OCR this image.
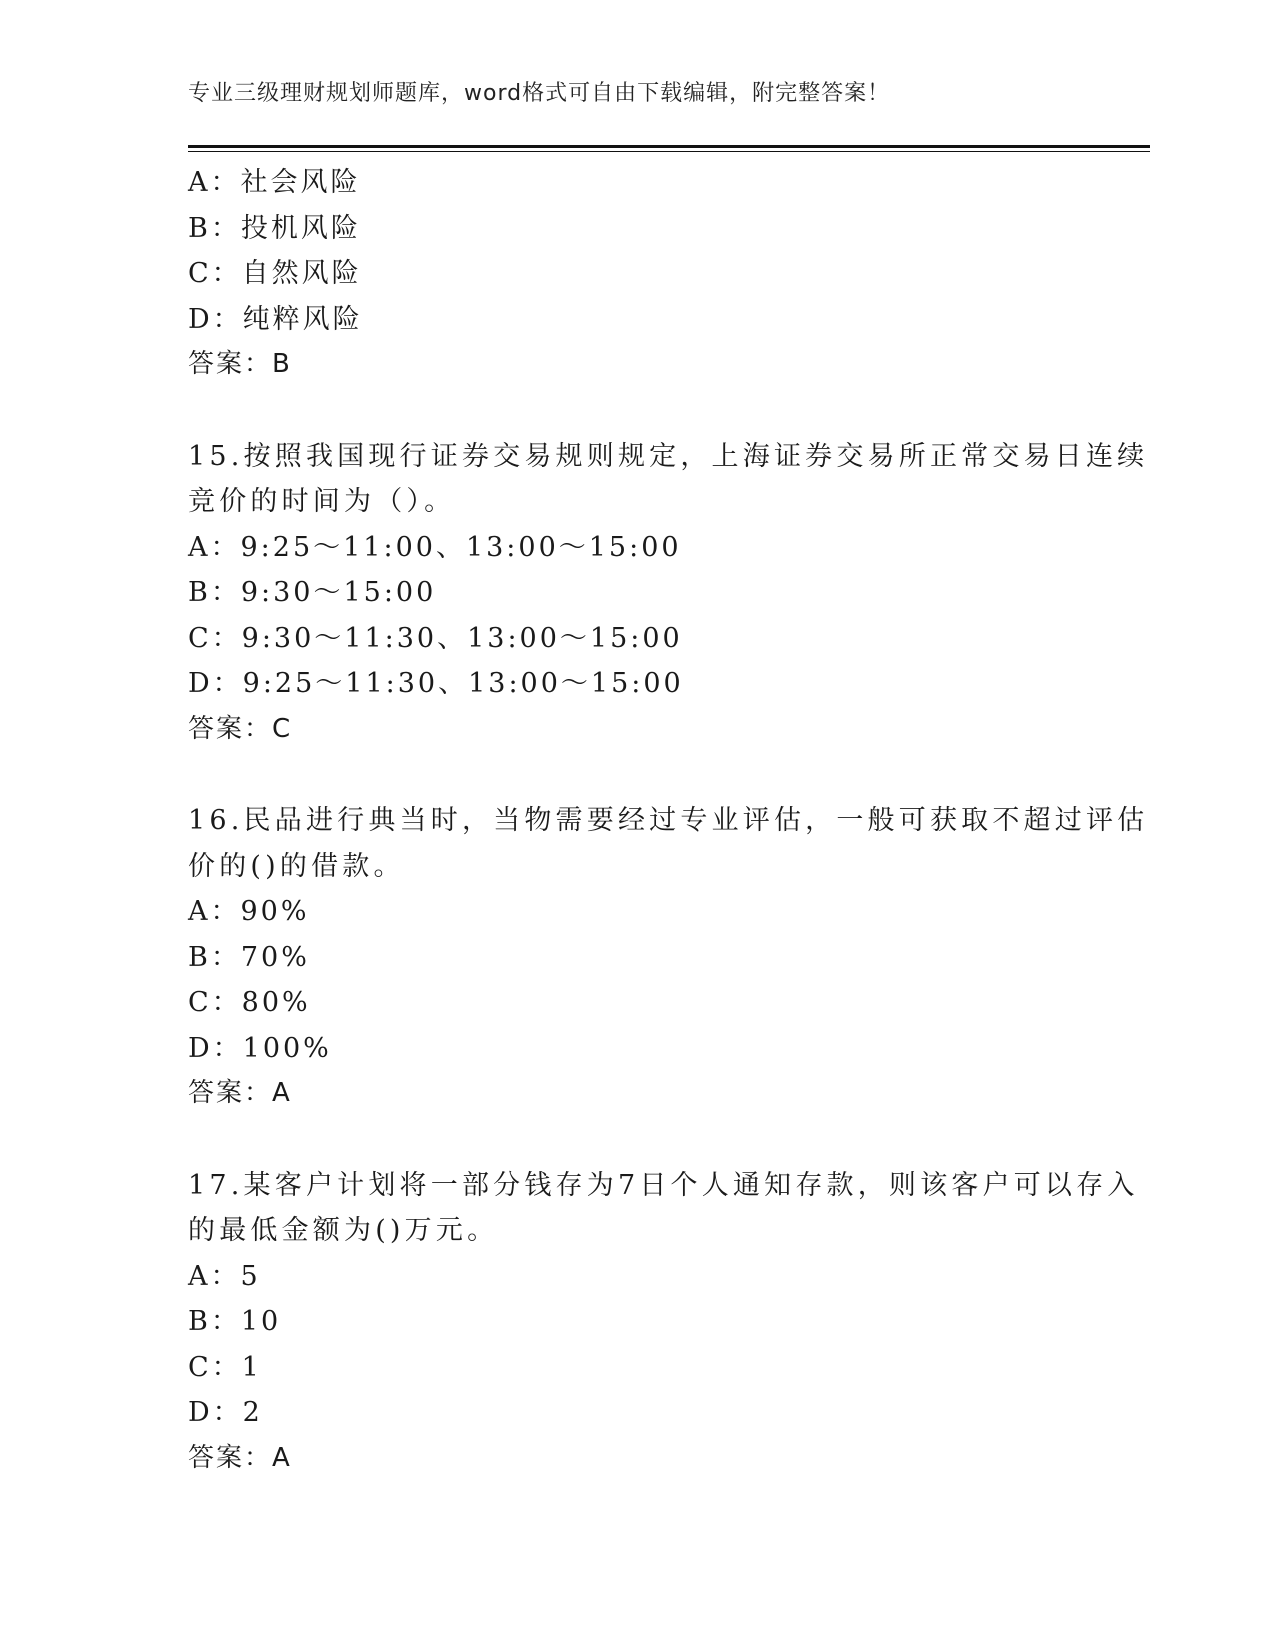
专业三级理财规划师题库，word格式可自由下载编辑，附完整答案！
A：社会风险
B：投机风险
C：自然风险
D：纯粹风险
答案：B
15.按照我国现行证券交易规则规定，上海证券交易所正常交易日连续
竞价的时间为（）。
A：9:25～11:00、13:00～15:00
B：9:30～15:00
C：9:30～11:30、13:00～15:00
D：9:25～11:30、13:00～15:00
答案：C
16.民品进行典当时，当物需要经过专业评估，一般可获取不超过评估
价的()的借款。
A：90%
B：70%
C：80%
D：100%
答案：A
17.某客户计划将一部分钱存为7日个人通知存款，则该客户可以存入
的最低金额为()万元。
A：5
B：10
C：1
D：2
答案：A
